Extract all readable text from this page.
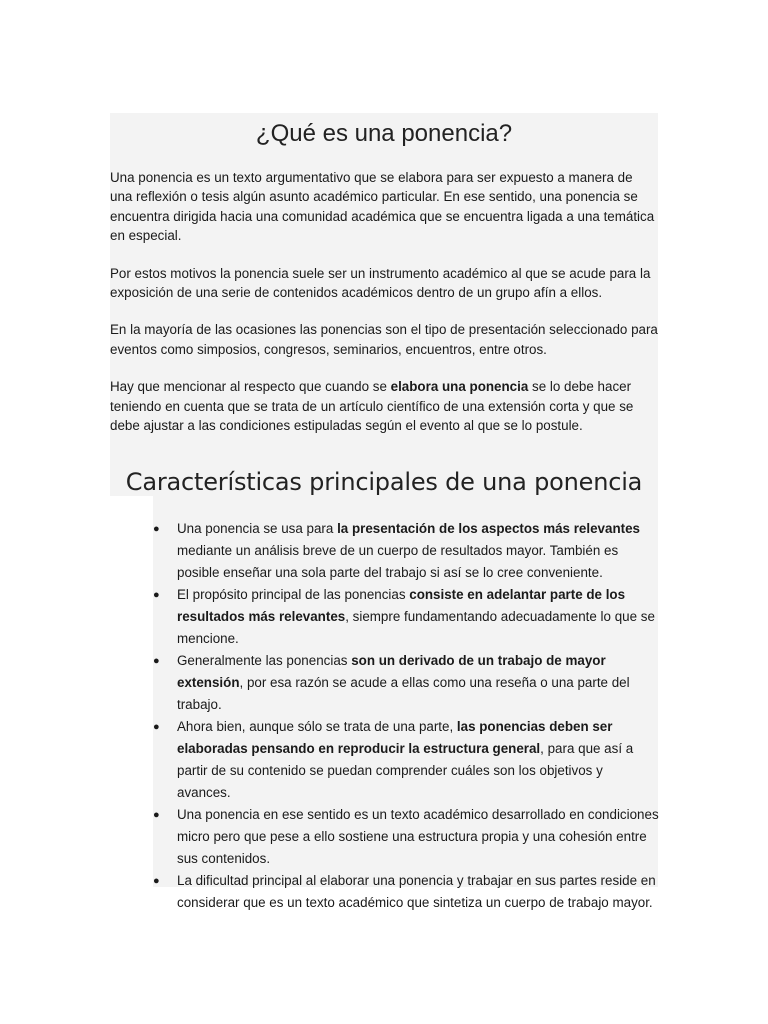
¿Qué es una ponencia?

Una ponencia es un texto argumentativo que se elabora para ser expuesto a manera de una reflexión o tesis algún asunto académico particular. En ese sentido, una ponencia se encuentra dirigida hacia una comunidad académica que se encuentra ligada a una temática en especial.

Por estos motivos la ponencia suele ser un instrumento académico al que se acude para la exposición de una serie de contenidos académicos dentro de un grupo afín a ellos.

En la mayoría de las ocasiones las ponencias son el tipo de presentación seleccionado para eventos como simposios, congresos, seminarios, encuentros, entre otros.

Hay que mencionar al respecto que cuando se elabora una ponencia se lo debe hacer teniendo en cuenta que se trata de un artículo científico de una extensión corta y que se debe ajustar a las condiciones estipuladas según el evento al que se lo postule.

Características principales de una ponencia
● Una ponencia se usa para la presentación de los aspectos más relevantes mediante un análisis breve de un cuerpo de resultados mayor. También es posible enseñar una sola parte del trabajo si así se lo cree conveniente.
● El propósito principal de las ponencias consiste en adelantar parte de los resultados más relevantes, siempre fundamentando adecuadamente lo que se mencione.
● Generalmente las ponencias son un derivado de un trabajo de mayor extensión, por esa razón se acude a ellas como una reseña o una parte del trabajo.
● Ahora bien, aunque sólo se trata de una parte, las ponencias deben ser elaboradas pensando en reproducir la estructura general, para que así a partir de su contenido se puedan comprender cuáles son los objetivos y avances.
● Una ponencia en ese sentido es un texto académico desarrollado en condiciones micro pero que pese a ello sostiene una estructura propia y una cohesión entre sus contenidos.
● La dificultad principal al elaborar una ponencia y trabajar en sus partes reside en considerar que es un texto académico que sintetiza un cuerpo de trabajo mayor.
